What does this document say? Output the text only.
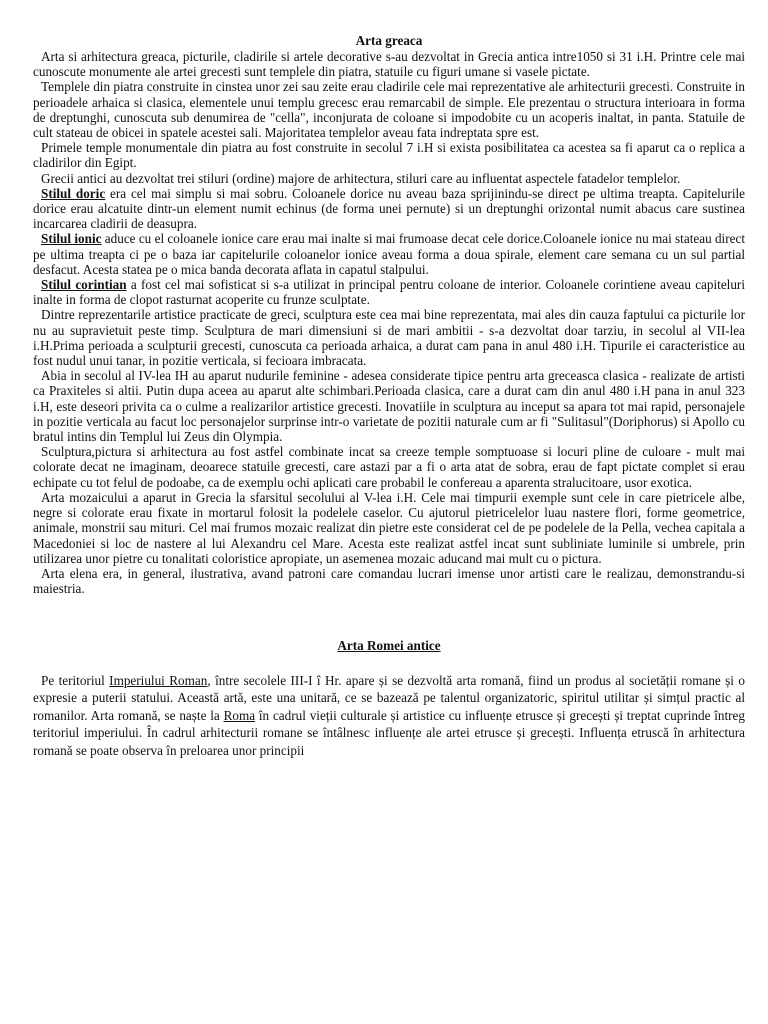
Arta greaca

Arta si arhitectura greaca, picturile, cladirile si artele decorative s-au dezvoltat in Grecia antica intre1050 si 31 i.H. Printre cele mai cunoscute monumente ale artei grecesti sunt templele din piatra, statuile cu figuri umane si vasele pictate.

Templele din piatra construite in cinstea unor zei sau zeite erau cladirile cele mai reprezentative ale arhitecturii grecesti. Construite in perioadele arhaica si clasica, elementele unui templu grecesc erau remarcabil de simple. Ele prezentau o structura interioara in forma de dreptunghi, cunoscuta sub denumirea de "cella", inconjurata de coloane si impodobite cu un acoperis inaltat, in panta. Statuile de cult stateau de obicei in spatele acestei sali. Majoritatea templelor aveau fata indreptata spre est.

Primele temple monumentale din piatra au fost construite in secolul 7 i.H si exista posibilitatea ca acestea sa fi aparut ca o replica a cladirilor din Egipt.

Grecii antici au dezvoltat trei stiluri (ordine) majore de arhitectura, stiluri care au influentat aspectele fatadelor templelor.

Stilul doric era cel mai simplu si mai sobru. Coloanele dorice nu aveau baza sprijinindu-se direct pe ultima treapta. Capitelurile dorice erau alcatuite dintr-un element numit echinus (de forma unei pernute) si un dreptunghi orizontal numit abacus care sustinea incarcarea cladirii de deasupra.

Stilul ionic aduce cu el coloanele ionice care erau mai inalte si mai frumoase decat cele dorice.Coloanele ionice nu mai stateau direct pe ultima treapta ci pe o baza iar capitelurile coloanelor ionice aveau forma a doua spirale, element care semana cu un sul partial desfacut. Acesta statea pe o mica banda decorata aflata in capatul stalpului.

Stilul corintian a fost cel mai sofisticat si s-a utilizat in principal pentru coloane de interior. Coloanele corintiene aveau capiteluri inalte in forma de clopot rasturnat acoperite cu frunze sculptate.

Dintre reprezentarile artistice practicate de greci, sculptura este cea mai bine reprezentata, mai ales din cauza faptului ca picturile lor nu au supravietuit peste timp. Sculptura de mari dimensiuni si de mari ambitii - s-a dezvoltat doar tarziu, in secolul al VII-lea i.H.Prima perioada a sculpturii grecesti, cunoscuta ca perioada arhaica, a durat cam pana in anul 480 i.H. Tipurile ei caracteristice au fost nudul unui tanar, in pozitie verticala, si fecioara imbracata.

Abia in secolul al IV-lea IH au aparut nudurile feminine - adesea considerate tipice pentru arta greceasca clasica - realizate de artisti ca Praxiteles si altii. Putin dupa aceea au aparut alte schimbari.Perioada clasica, care a durat cam din anul 480 i.H pana in anul 323 i.H, este deseori privita ca o culme a realizarilor artistice grecesti. Inovatiile in sculptura au inceput sa apara tot mai rapid, personajele in pozitie verticala au facut loc personajelor surprinse intr-o varietate de pozitii naturale cum ar fi "Sulitasul"(Doriphorus) si Apollo cu bratul intins din Templul lui Zeus din Olympia.

Sculptura,pictura si arhitectura au fost astfel combinate incat sa creeze temple somptuoase si locuri pline de culoare - mult mai colorate decat ne imaginam, deoarece statuile grecesti, care astazi par a fi o arta atat de sobra, erau de fapt pictate complet si erau echipate cu tot felul de podoabe, ca de exemplu ochi aplicati care probabil le confereau a aparenta stralucitoare, usor exotica.

Arta mozaicului a aparut in Grecia la sfarsitul secolului al V-lea i.H. Cele mai timpurii exemple sunt cele in care pietricele albe, negre si colorate erau fixate in mortarul folosit la podelele caselor. Cu ajutorul pietricelelor luau nastere flori, forme geometrice, animale, monstrii sau mituri. Cel mai frumos mozaic realizat din pietre este considerat cel de pe podelele de la Pella, vechea capitala a Macedoniei si loc de nastere al lui Alexandru cel Mare. Acesta este realizat astfel incat sunt subliniate luminile si umbrele, prin utilizarea unor pietre cu tonalitati coloristice apropiate, un asemenea mozaic aducand mai mult cu o pictura.

Arta elena era, in general, ilustrativa, avand patroni care comandau lucrari imense unor artisti care le realizau, demonstrandu-si maiestria.

Arta Romei antice

Pe teritoriul Imperiului Roman, între secolele III-I î Hr. apare și se dezvoltă arta romană, fiind un produs al societății romane și o expresie a puterii statului. Această artă, este una unitară, ce se bazează pe talentul organizatoric, spiritul utilitar și simțul practic al romanilor. Arta romană, se naște la Roma în cadrul vieții culturale și artistice cu influențe etrusce și grecești și treptat cuprinde întreg teritoriul imperiului. În cadrul arhitecturii romane se întâlnesc influențe ale artei etrusce și grecești. Influența etruscă în arhitectura romană se poate observa în preloarea unor principii
